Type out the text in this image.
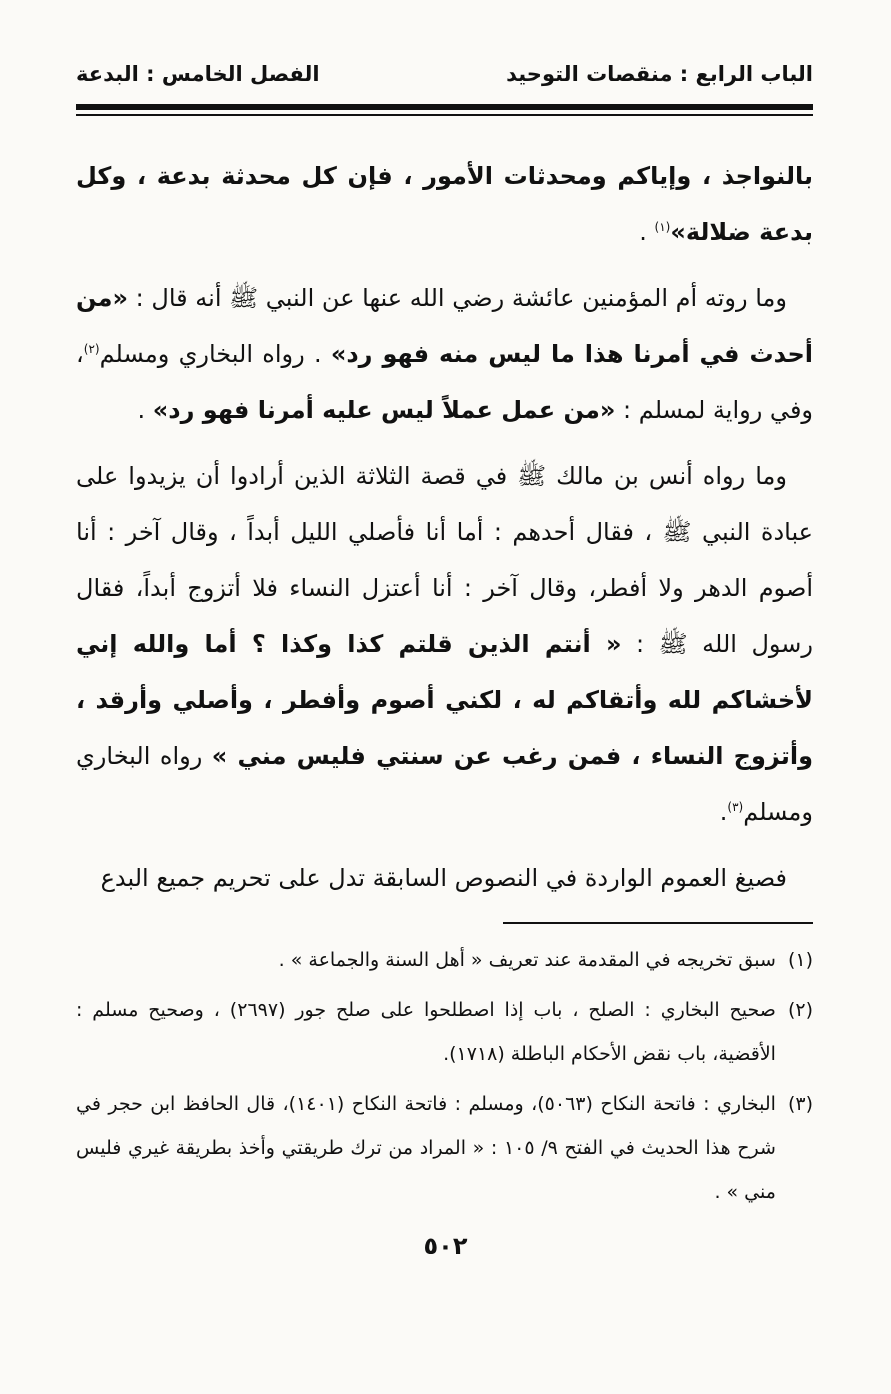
الباب الرابع : منقصات التوحيد
الفصل الخامس : البدعة

بالنواجذ ، وإياكم ومحدثات الأمور ، فإن كل محدثة بدعة ، وكل بدعة ضلالة»$^{(١)}$ .

وما روته أم المؤمنين عائشة رضي الله عنها عن النبي ﷺ أنه قال : «من أحدث في أمرنا هذا ما ليس منه فهو رد» . رواه البخاري ومسلم$^{(٢)}$، وفي رواية لمسلم : «من عمل عملاً ليس عليه أمرنا فهو رد» .

وما رواه أنس بن مالك ﷺ في قصة الثلاثة الذين أرادوا أن يزيدوا على عبادة النبي ﷺ ، فقال أحدهم : أما أنا فأصلي الليل أبداً ، وقال آخر : أنا أصوم الدهر ولا أفطر، وقال آخر : أنا أعتزل النساء فلا أتزوج أبداً، فقال رسول الله ﷺ : « أنتم الذين قلتم كذا وكذا ؟ أما والله إني لأخشاكم لله وأتقاكم له ، لكني أصوم وأفطر ، وأصلي وأرقد ، وأتزوج النساء ، فمن رغب عن سنتي فليس مني » رواه البخاري ومسلم$^{(٣)}$.

فصيغ العموم الواردة في النصوص السابقة تدل على تحريم جميع البدع

(١)
سبق تخريجه في المقدمة عند تعريف « أهل السنة والجماعة » .
(٢)
صحيح البخاري : الصلح ، باب إذا اصطلحوا على صلح جور (٢٦٩٧) ، وصحيح مسلم : الأقضية، باب نقض الأحكام الباطلة (١٧١٨).
(٣)
البخاري : فاتحة النكاح (٥٠٦٣)، ومسلم : فاتحة النكاح (١٤٠١)، قال الحافظ ابن حجر في شرح هذا الحديث في الفتح ٩/ ١٠٥ : « المراد من ترك طريقتي وأخذ بطريقة غيري فليس مني » .
٥٠٢
